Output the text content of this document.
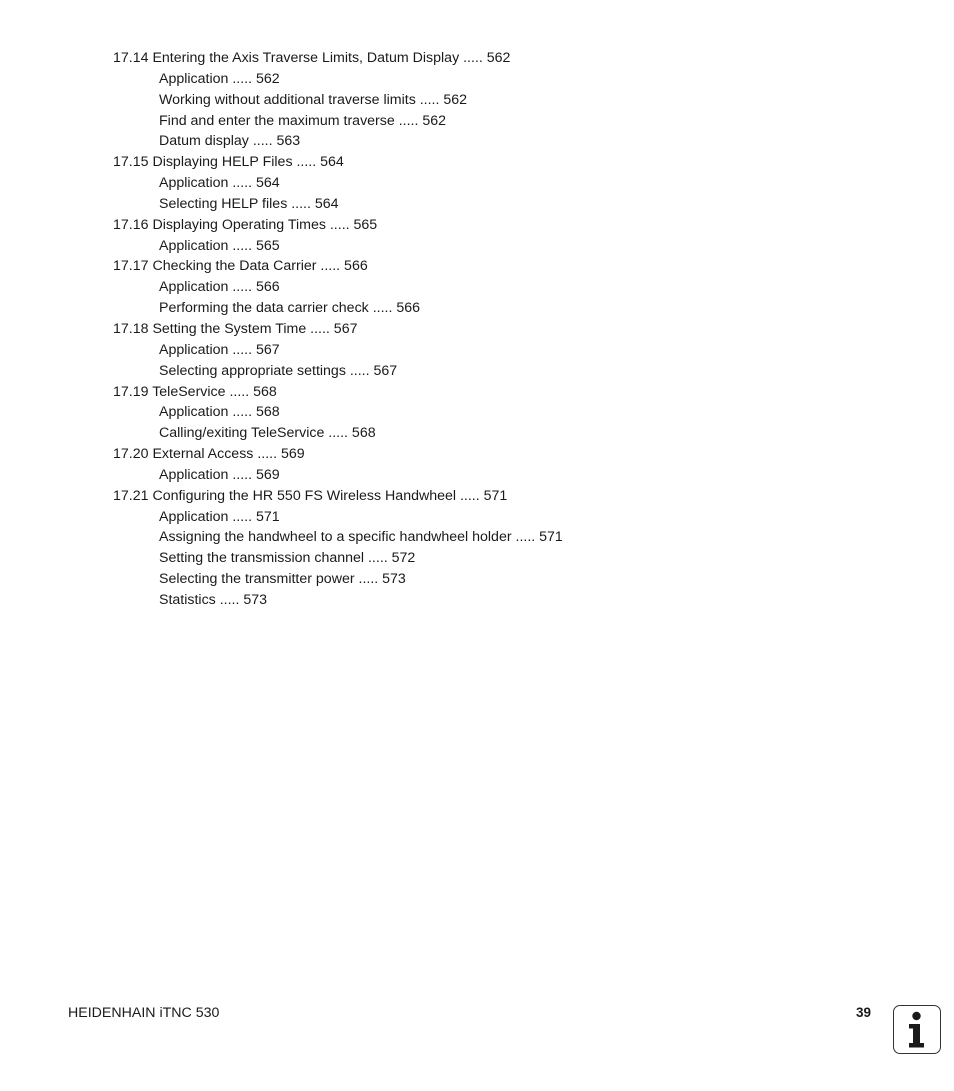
17.14 Entering the Axis Traverse Limits, Datum Display ..... 562
Application ..... 562
Working without additional traverse limits ..... 562
Find and enter the maximum traverse ..... 562
Datum display ..... 563
17.15 Displaying HELP Files ..... 564
Application ..... 564
Selecting HELP files ..... 564
17.16 Displaying Operating Times ..... 565
Application ..... 565
17.17 Checking the Data Carrier ..... 566
Application ..... 566
Performing the data carrier check ..... 566
17.18 Setting the System Time ..... 567
Application ..... 567
Selecting appropriate settings ..... 567
17.19 TeleService ..... 568
Application ..... 568
Calling/exiting TeleService ..... 568
17.20 External Access ..... 569
Application ..... 569
17.21 Configuring the HR 550 FS Wireless Handwheel ..... 571
Application ..... 571
Assigning the handwheel to a specific handwheel holder ..... 571
Setting the transmission channel ..... 572
Selecting the transmitter power ..... 573
Statistics ..... 573
HEIDENHAIN iTNC 530	39
